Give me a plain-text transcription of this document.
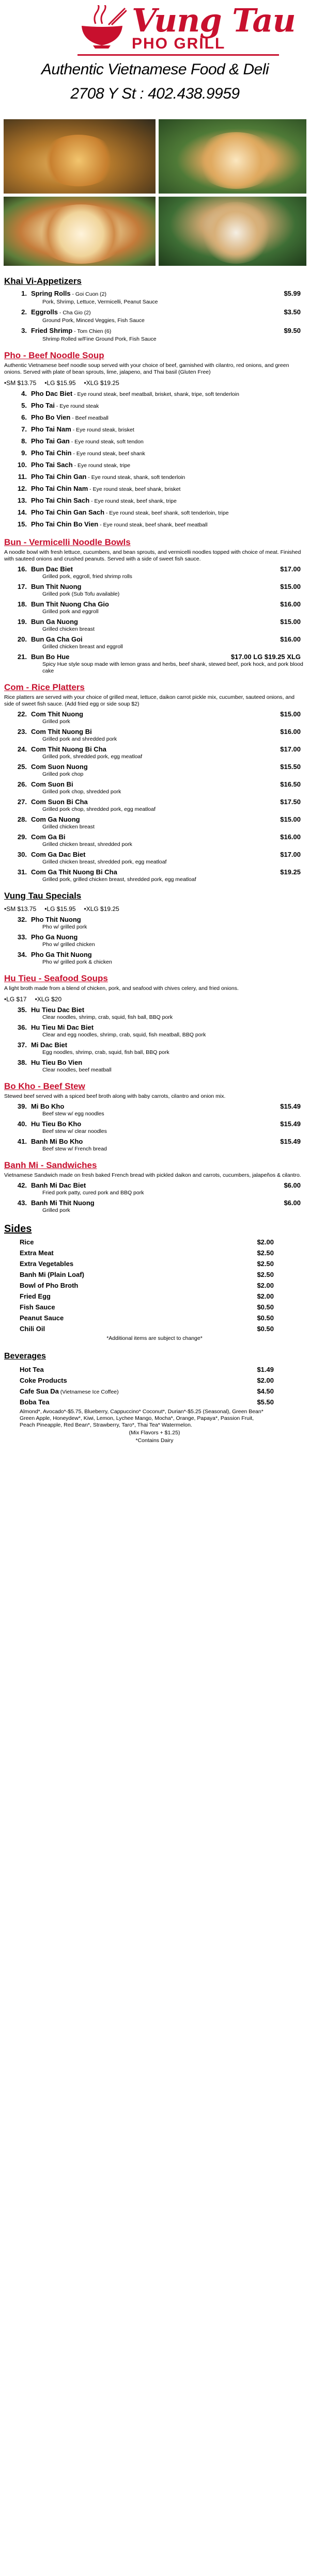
Vung Tau
PHO GRILL
Authentic Vietnamese Food & Deli
2708 Y St : 402.438.9959
Khai Vi-Appetizers
1. Spring Rolls - Goi Cuon (2)
Pork, Shrimp, Lettuce, Vermicelli, Peanut Sauce
$5.99
2. Eggrolls - Cha Gio (2)
Ground Pork, Minced Veggies, Fish Sauce
$3.50
3. Fried Shrimp - Tom Chien (6)
Shrimp Rolled w/Fine Ground Pork, Fish Sauce
$9.50
Pho - Beef Noodle Soup
Authentic Vietnamese beef noodle soup served with your choice of beef, garnished with cilantro, red onions, and green onions. Served with plate of bean sprouts, lime, jalapeno, and Thai basil (Gluten Free)
•SM $13.75 •LG $15.95 •XLG $19.25
4. Pho Dac Biet - Eye round steak, beef meatball, brisket, shank, tripe, soft tenderloin
5. Pho Tai - Eye round steak
6. Pho Bo Vien - Beef meatball
7. Pho Tai Nam - Eye round steak, brisket
8. Pho Tai Gan - Eye round steak, soft tendon
9. Pho Tai Chin - Eye round steak, beef shank
10. Pho Tai Sach - Eye round steak, tripe
11. Pho Tai Chin Gan - Eye round steak, shank, soft tenderloin
12. Pho Tai Chin Nam - Eye round steak, beef shank, brisket
13. Pho Tai Chin Sach - Eye round steak, beef shank, tripe
14. Pho Tai Chin Gan Sach - Eye round steak, beef shank, soft tenderloin, tripe
15. Pho Tai Chin Bo Vien - Eye round steak, beef shank, beef meatball
Bun - Vermicelli Noodle Bowls
A noodle bowl with fresh lettuce, cucumbers, and bean sprouts, and vermicelli noodles topped with choice of meat. Finished with sauteed onions and crushed peanuts. Served with a side of sweet fish sauce.
16. Bun Dac Biet
Grilled pork, eggroll, fried shrimp rolls
$17.00
17. Bun Thit Nuong
Grilled pork (Sub Tofu available)
$15.00
18. Bun Thit Nuong Cha Gio
Grilled pork and eggroll
$16.00
19. Bun Ga Nuong
Grilled chicken breast
$15.00
20. Bun Ga Cha Goi
Grilled chicken breast and eggroll
$16.00
21. Bun Bo Hue
Spicy Hue style soup made with lemon grass and herbs, beef shank, stewed beef, pork hock, and pork blood cake
$17.00 LG $19.25 XLG
Com - Rice Platters
Rice platters are served with your choice of grilled meat, lettuce, daikon carrot pickle mix, cucumber, sauteed onions, and side of sweet fish sauce. (Add fried egg or side soup $2)
22. Com Thit Nuong
Grilled pork
$15.00
23. Com Thit Nuong Bi
Grilled pork and shredded pork
$16.00
24. Com Thit Nuong Bi Cha
Grilled pork, shredded pork, egg meatloaf
$17.00
25. Com Suon Nuong
Grilled pork chop
$15.50
26. Com Suon Bi
Grilled pork chop, shredded pork
$16.50
27. Com Suon Bi Cha
Grilled pork chop, shredded pork, egg meatloaf
$17.50
28. Com Ga Nuong
Grilled chicken breast
$15.00
29. Com Ga Bi
Grilled chicken breast, shredded pork
$16.00
30. Com Ga Dac Biet
Grilled chicken breast, shredded pork, egg meatloaf
$17.00
31. Com Ga Thit Nuong Bi Cha
Grilled pork, grilled chicken breast, shredded pork, egg meatloaf
$19.25
Vung Tau Specials
•SM $13.75 •LG $15.95 •XLG $19.25
32. Pho Thit Nuong
Pho w/ grilled pork
33. Pho Ga Nuong
Pho w/ grilled chicken
34. Pho Ga Thit Nuong
Pho w/ grilled pork & chicken
Hu Tieu - Seafood Soups
A light broth made from a blend of chicken, pork, and seafood with chives celery, and fried onions.
•LG $17 •XLG $20
35. Hu Tieu Dac Biet
Clear noodles, shrimp, crab, squid, fish ball, BBQ pork
36. Hu Tieu Mi Dac Biet
Clear and egg noodles, shrimp, crab, squid, fish meatball, BBQ pork
37. Mi Dac Biet
Egg noodles, shrimp, crab, squid, fish ball, BBQ pork
38. Hu Tieu Bo Vien
Clear noodles, beef meatball
Bo Kho - Beef Stew
Stewed beef served with a spiced beef broth along with baby carrots, cilantro and onion mix.
39. Mi Bo Kho
Beef stew w/ egg noodles
$15.49
40. Hu Tieu Bo Kho
Beef stew w/ clear noodles
$15.49
41. Banh Mi Bo Kho
Beef stew w/ French bread
$15.49
Banh Mi - Sandwiches
Vietnamese Sandwich made on fresh baked French bread with pickled daikon and carrots, cucumbers, jalapeños & cilantro.
42. Banh Mi Dac Biet
Fried pork patty, cured pork and BBQ pork
$6.00
43. Banh Mi Thit Nuong
Grilled pork
$6.00
Sides
Rice	$2.00
Extra Meat	$2.50
Extra Vegetables	$2.50
Banh Mi (Plain Loaf)	$2.50
Bowl of Pho Broth	$2.00
Fried Egg	$2.00
Fish Sauce	$0.50
Peanut Sauce	$0.50
Chili Oil	$0.50
*Additional items are subject to change*
Beverages
Hot Tea	$1.49
Coke Products	$2.00
Cafe Sua Da (Vietnamese Ice Coffee)	$4.50
Boba Tea	$5.50
Almond*, Avocado*-$5.75, Blueberry, Cappuccino* Coconut*, Durian*-$5.25 (Seasonal), Green Bean* Green Apple, Honeydew*, Kiwi, Lemon, Lychee Mango, Mocha*, Orange, Papaya*, Passion Fruit, Peach Pineapple, Red Bean*, Strawberry, Taro*, Thai Tea* Watermelon.
(Mix Flavors + $1.25)
*Contains Dairy
